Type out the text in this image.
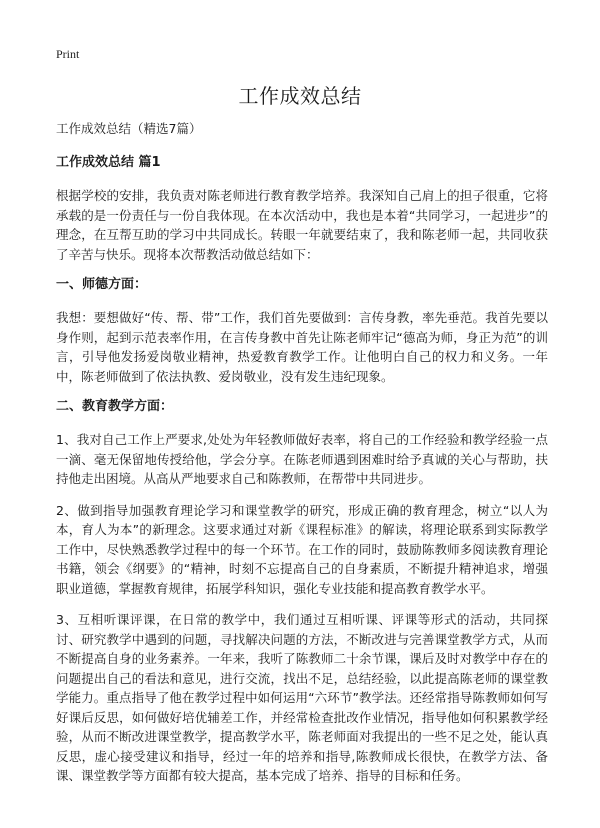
Print
工作成效总结

工作成效总结（精选7篇）

工作成效总结 篇1

根据学校的安排，我负责对陈老师进行教育教学培养。我深知自己肩上的担子很重，它将承载的是一份责任与一份自我体现。在本次活动中，我也是本着“共同学习，一起进步”的理念，在互帮互助的学习中共同成长。转眼一年就要结束了，我和陈老师一起，共同收获了辛苦与快乐。现将本次帮教活动做总结如下：

一、师德方面：

我想：要想做好“传、帮、带”工作，我们首先要做到：言传身教，率先垂范。我首先要以身作则，起到示范表率作用，在言传身教中首先让陈老师牢记“德高为师，身正为范”的训言，引导他发扬爱岗敬业精神，热爱教育教学工作。让他明白自己的权力和义务。一年中，陈老师做到了依法执教、爱岗敬业，没有发生违纪现象。

二、教育教学方面：

1、我对自己工作上严要求,处处为年轻教师做好表率，将自己的工作经验和教学经验一点一滴、毫无保留地传授给他，学会分享。在陈老师遇到困难时给予真诚的关心与帮助，扶持他走出困境。从高从严地要求自己和陈教师，在帮带中共同进步。

2、做到指导加强教育理论学习和课堂教学的研究，形成正确的教育理念，树立“以人为本，育人为本”的新理念。这要求通过对新《课程标准》的解读，将理论联系到实际教学工作中，尽快熟悉教学过程中的每一个环节。在工作的同时，鼓励陈教师多阅读教育理论书籍，领会《纲要》的“精神，时刻不忘提高自己的自身素质，不断提升精神追求，增强职业道德，掌握教育规律，拓展学科知识，强化专业技能和提高教育教学水平。

3、互相听课评课，在日常的教学中，我们通过互相听课、评课等形式的活动，共同探讨、研究教学中遇到的问题，寻找解决问题的方法，不断改进与完善课堂教学方式，从而不断提高自身的业务素养。一年来，我听了陈教师二十余节课，课后及时对教学中存在的问题提出自己的看法和意见，进行交流，找出不足，总结经验，以此提高陈老师的课堂教学能力。重点指导了他在教学过程中如何运用“六环节”教学法。还经常指导陈教师如何写好课后反思，如何做好培优辅差工作，并经常检查批改作业情况，指导他如何积累教学经验，从而不断改进课堂教学，提高教学水平，陈老师面对我提出的一些不足之处，能认真反思，虚心接受建议和指导，经过一年的培养和指导,陈教师成长很快，在教学方法、备课、课堂教学等方面都有较大提高，基本完成了培养、指导的目标和任务。
